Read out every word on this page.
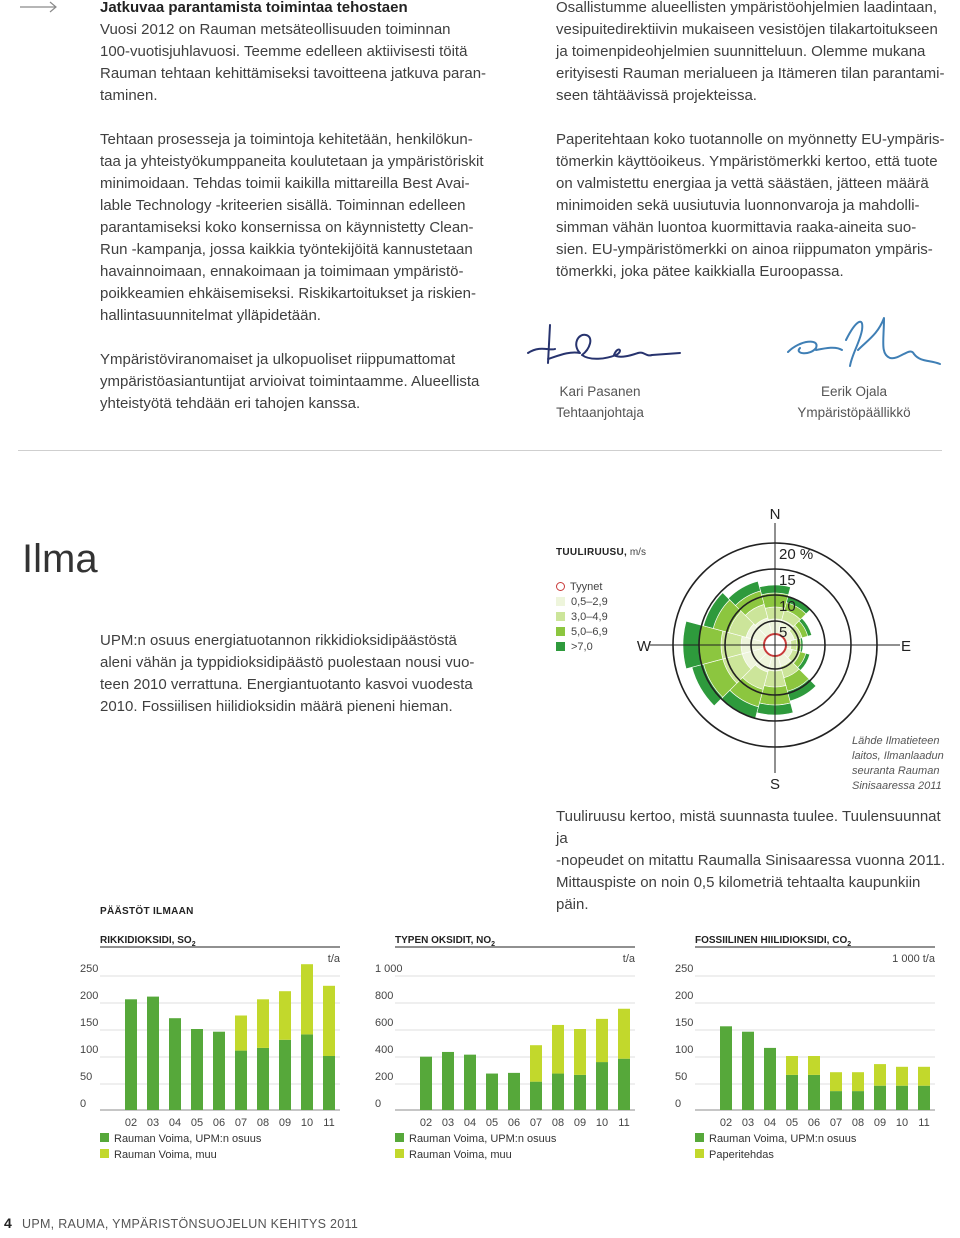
Jatkuvaa parantamista toimintaa tehostaen

Vuosi 2012 on Rauman metsäteollisuuden toiminnan
100-vuotisjuhlavuosi. Teemme edelleen aktiivisesti töitä
Rauman tehtaan kehittämiseksi tavoitteena jatkuva paran-
taminen.
Tehtaan prosesseja ja toimintoja kehitetään, henkilökun-
taa ja yhteistyökumppaneita koulutetaan ja ympäristöriskit
minimoidaan. Tehdas toimii kaikilla mittareilla Best Avai-
lable Technology -kriteerien sisällä. Toiminnan edelleen
parantamiseksi koko konsernissa on käynnistetty Clean-
Run -kampanja, jossa kaikkia työntekijöitä kannustetaan
havainnoimaan, ennakoimaan ja toimimaan ympäristö-
poikkeamien ehkäisemiseksi. Riskikartoitukset ja riskien-
hallintasuunnitelmat ylläpidetään.
Ympäristöviranomaiset ja ulkopuoliset riippumattomat
ympäristöasiantuntijat arvioivat toimintaamme. Alueellista
yhteistyötä tehdään eri tahojen kanssa.
Osallistumme alueellisten ympäristöohjelmien laadintaan,
vesipuitedirektiivin mukaiseen vesistöjen tilakartoitukseen
ja toimenpideohjelmien suunnitteluun. Olemme mukana
erityisesti Rauman merialueen ja Itämeren tilan parantami-
seen tähtäävissä projekteissa.
Paperitehtaan koko tuotannolle on myönnetty EU-ympäris-
tömerkin käyttöoikeus. Ympäristömerkki kertoo, että tuote
on valmistettu energiaa ja vettä säästäen, jätteen määrä
minimoiden sekä uusiutuvia luonnonvaroja ja mahdolli-
simman vähän luontoa kuormittavia raaka-aineita suo-
sien. EU-ympäristömerkki on ainoa riippumaton ympäris-
tömerkki, joka pätee kaikkialla Euroopassa.
Kari Pasanen
Tehtaanjohtaja
Eerik Ojala
Ympäristöpäällikkö
Ilma
UPM:n osuus energiatuotannon rikkidioksidipäästöstä
aleni vähän ja typpidioksidipäästö puolestaan nousi vuo-
teen 2010 verrattuna. Energiantuotanto kasvoi vuodesta
2010. Fossiilisen hiilidioksidin määrä pieneni hieman.
TUULIRUUSU, m/s
Tyynet
0,5–2,9
3,0–4,9
5,0–6,9
>7,0
N
S
W	E
20 %
15
10
5
Lähde Ilmatieteen
laitos, Ilmanlaadun
seuranta Rauman
Sinisaaressa 2011
Tuuliruusu kertoo, mistä suunnasta tuulee. Tuulensuunnat ja
-nopeudet on mitattu Raumalla Sinisaaressa vuonna 2011.
Mittauspiste on noin 0,5 kilometriä tehtaalta kaupunkiin päin.
PÄÄSTÖT ILMAAN
RIKKIDIOKSIDI, $SO_2$
t/a
250
200
150
100
50
0
02 03 04 05 06 07 08 09 10 11
Rauman Voima, UPM:n osuus
Rauman Voima, muu
TYPEN OKSIDIT, $NO_2$
t/a
1 000
800
600
400
200
0
02 03 04 05 06 07 08 09 10 11
Rauman Voima, UPM:n osuus
Rauman Voima, muu
FOSSIILINEN HIILIDIOKSIDI, $CO_2$
1 000 t/a
250
200
150
100
50
0
02 03 04 05 06 07 08 09 10 11
Rauman Voima, UPM:n osuus
Paperitehdas
4 UPM, RAUMA, YMPÄRISTÖNSUOJELUN KEHITYS 2011
